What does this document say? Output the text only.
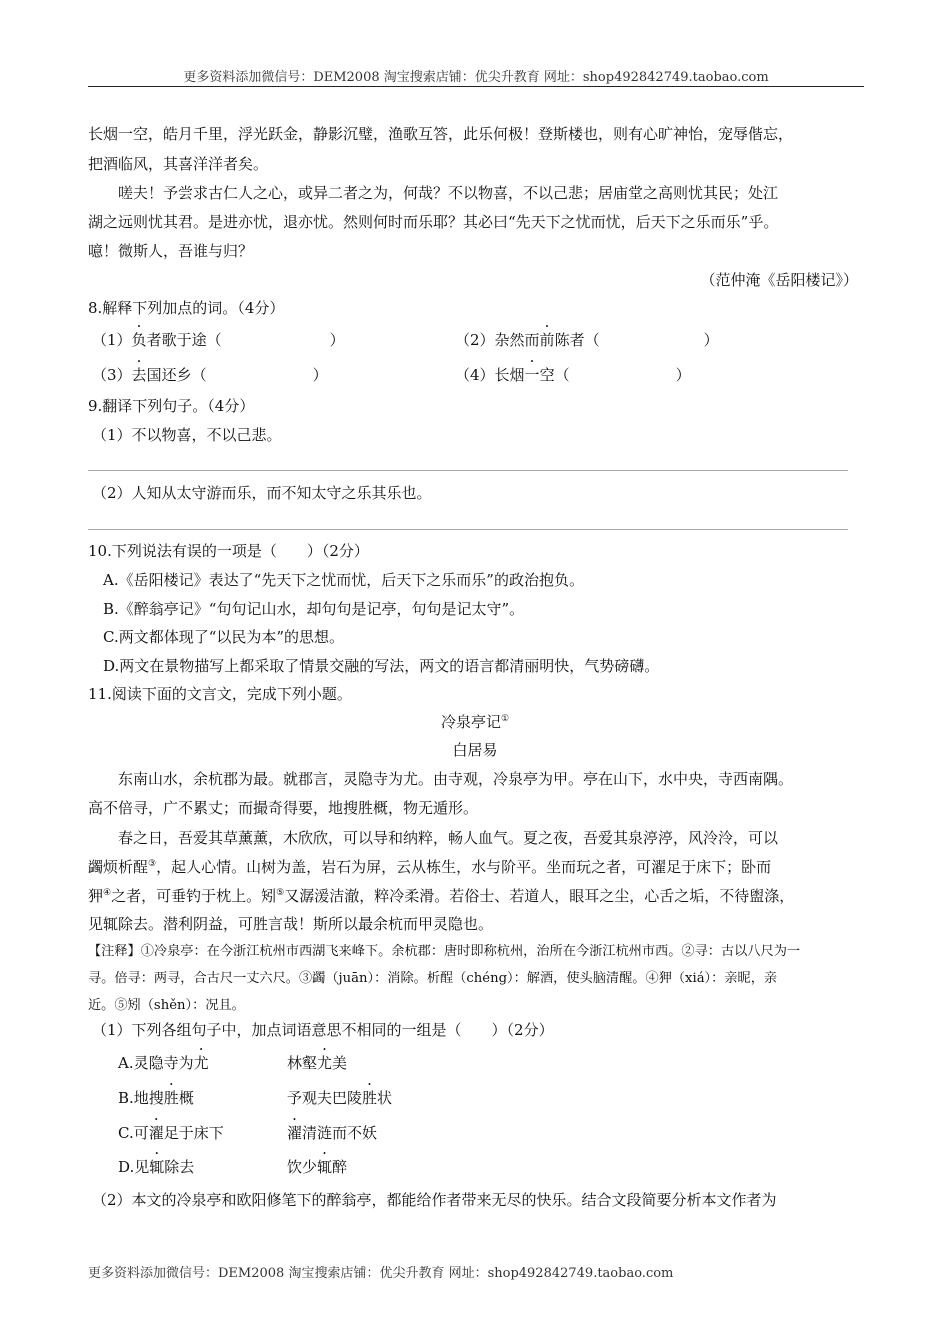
更多资料添加微信号：DEM2008 淘宝搜索店铺：优尖升教育 网址：shop492842749.taobao.com
长烟一空，皓月千里，浮光跃金，静影沉璧，渔歌互答，此乐何极！登斯楼也，则有心旷神怡，宠辱偕忘，
把酒临风，其喜洋洋者矣。
嗟夫！予尝求古仁人之心，或异二者之为，何哉？不以物喜，不以己悲；居庙堂之高则忧其民；处江
湖之远则忧其君。是进亦忧，退亦忧。然则何时而乐耶？其必曰“先天下之忧而忧，后天下之乐而乐”乎。
噫！微斯人，吾谁与归？
（范仲淹《岳阳楼记》）
8.解释下列加点的词。（4分）
（1）负者歌于途（	）	（2）杂然而前陈者（	）
（3）去国还乡（	）	（4）长烟一空（	）
9.翻译下列句子。（4分）
（1）不以物喜，不以己悲。
（2）人知从太守游而乐，而不知太守之乐其乐也。
10.下列说法有误的一项是（　　）（2分）
A.《岳阳楼记》表达了“先天下之忧而忧，后天下之乐而乐”的政治抱负。
B.《醉翁亭记》“句句记山水，却句句是记亭，句句是记太守”。
C.两文都体现了“以民为本”的思想。
D.两文在景物描写上都采取了情景交融的写法，两文的语言都清丽明快，气势磅礴。
11.阅读下面的文言文，完成下列小题。
冷泉亭记①
白居易
东南山水，余杭郡为最。就郡言，灵隐寺为尤。由寺观，冷泉亭为甲。亭在山下，水中央，寺西南隅。
高不倍寻，广不累丈；而撮奇得要，地搜胜概，物无遁形。
春之日，吾爱其草薰薰，木欣欣，可以导和纳粹，畅人血气。夏之夜，吾爱其泉渟渟，风泠泠，可以
蠲烦析酲③，起人心情。山树为盖，岩石为屏，云从栋生，水与阶平。坐而玩之者，可濯足于床下；卧而
狎④之者，可垂钓于枕上。矧⑤又潺湲洁澈，粹冷柔滑。若俗士、若道人，眼耳之尘，心舌之垢，不待盥涤，
见辄除去。潜利阴益，可胜言哉！斯所以最余杭而甲灵隐也。
【注释】①冷泉亭：在今浙江杭州市西湖飞来峰下。余杭郡：唐时即称杭州，治所在今浙江杭州市西。②寻：古以八尺为一
寻。倍寻：两寻，合古尺一丈六尺。③蠲（juān）：消除。析酲（chéng）：解酒，使头脑清醒。④狎（xiá）：亲昵，亲
近。⑤矧（shěn）：况且。
（1）下列各组句子中，加点词语意思不相同的一组是（　　）（2分）
A.灵隐寺为尤	林壑尤美
B.地搜胜概	予观夫巴陵胜状
C.可濯足于床下	濯清涟而不妖
D.见辄除去	饮少辄醉
（2）本文的冷泉亭和欧阳修笔下的醉翁亭，都能给作者带来无尽的快乐。结合文段简要分析本文作者为
更多资料添加微信号：DEM2008 淘宝搜索店铺：优尖升教育 网址：shop492842749.taobao.com
